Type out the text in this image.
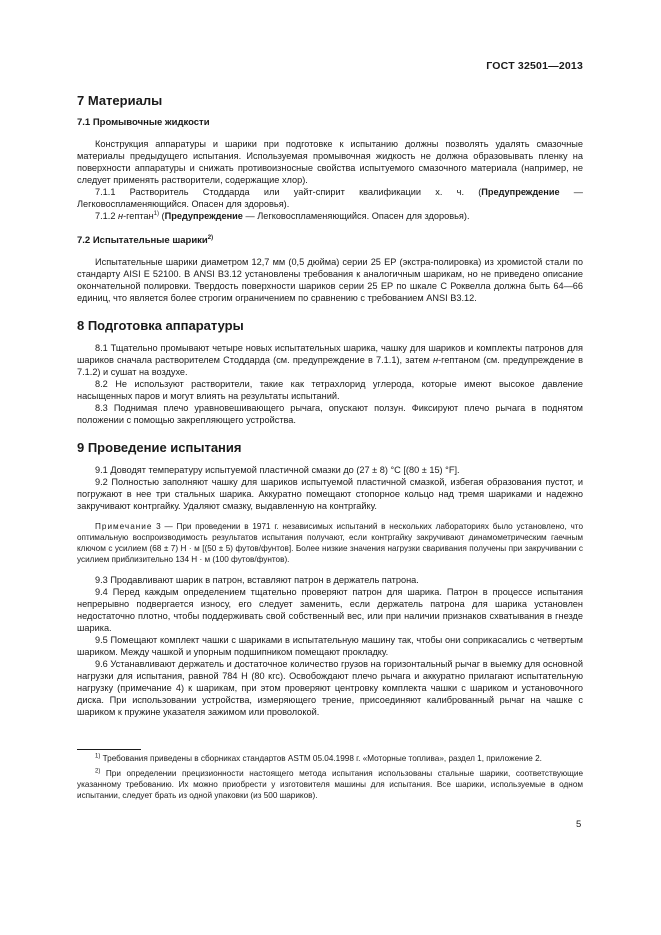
ГОСТ 32501—2013
7 Материалы
7.1 Промывочные жидкости

Конструкция аппаратуры и шарики при подготовке к испытанию должны позволять удалять смазочные материалы предыдущего испытания. Используемая промывочная жидкость не должна образовывать пленку на поверхности аппаратуры и снижать противоизносные свойства испытуемого смазочного материала (например, не следует применять растворители, содержащие хлор).

7.1.1 Растворитель Стоддарда или уайт-спирит квалификации х. ч. (Предупреждение — Легковоспламеняющийся. Опасен для здоровья).

7.1.2 н-гептан$^{1)}$ (Предупреждение — Легковоспламеняющийся. Опасен для здоровья).

7.2 Испытательные шарики$^{2)}$

Испытательные шарики диаметром 12,7 мм (0,5 дюйма) серии 25 ЕР (экстра-полировка) из хромистой стали по стандарту AISI E 52100. В ANSI B3.12 установлены требования к аналогичным шарикам, но не приведено описание окончательной полировки. Твердость поверхности шариков серии 25 ЕР по шкале С Роквелла должна быть 64—66 единиц, что является более строгим ограничением по сравнению с требованием ANSI B3.12.

8 Подготовка аппаратуры

8.1 Тщательно промывают четыре новых испытательных шарика, чашку для шариков и комплекты патронов для шариков сначала растворителем Стоддарда (см. предупреждение в 7.1.1), затем н-гептаном (см. предупреждение в 7.1.2) и сушат на воздухе.

8.2 Не используют растворители, такие как тетрахлорид углерода, которые имеют высокое давление насыщенных паров и могут влиять на результаты испытаний.

8.3 Поднимая плечо уравновешивающего рычага, опускают ползун. Фиксируют плечо рычага в поднятом положении с помощью закрепляющего устройства.

9 Проведение испытания

9.1 Доводят температуру испытуемой пластичной смазки до (27 ± 8) °C [(80 ± 15) °F].

9.2 Полностью заполняют чашку для шариков испытуемой пластичной смазкой, избегая образования пустот, и погружают в нее три стальных шарика. Аккуратно помещают стопорное кольцо над тремя шариками и надежно закручивают контргайку. Удаляют смазку, выдавленную на контргайку.

Примечание 3 — При проведении в 1971 г. независимых испытаний в нескольких лабораториях было установлено, что оптимальную воспроизводимость результатов испытания получают, если контргайку закручивают динамометрическим гаечным ключом с усилием (68 ± 7) Н · м [(50 ± 5) футов/фунтов]. Более низкие значения нагрузки сваривания получены при закручивании с усилием приблизительно 134 Н · м (100 футов/фунтов).

9.3 Продавливают шарик в патрон, вставляют патрон в держатель патрона.

9.4 Перед каждым определением тщательно проверяют патрон для шарика. Патрон в процессе испытания непрерывно подвергается износу, его следует заменить, если держатель патрона для шарика установлен недостаточно плотно, чтобы поддерживать свой собственный вес, или при наличии признаков схватывания в гнезде шарика.

9.5 Помещают комплект чашки с шариками в испытательную машину так, чтобы они соприкасались с четвертым шариком. Между чашкой и упорным подшипником помещают прокладку.

9.6 Устанавливают держатель и достаточное количество грузов на горизонтальный рычаг в выемку для основной нагрузки для испытания, равной 784 Н (80 кгс). Освобождают плечо рычага и аккуратно прилагают испытательную нагрузку (примечание 4) к шарикам, при этом проверяют центровку комплекта чашки с шариком и установочного диска. При использовании устройства, измеряющего трение, присоединяют калиброванный рычаг на чашке с шариком к пружине указателя зажимом или проволокой.

$^{1)}$ Требования приведены в сборниках стандартов ASTM 05.04.1998 г. «Моторные топлива», раздел 1, приложение 2.

$^{2)}$ При определении прецизионности настоящего метода испытания использованы стальные шарики, соответствующие указанному требованию. Их можно приобрести у изготовителя машины для испытания. Все шарики, используемые в одном испытании, следует брать из одной упаковки (из 500 шариков).

5
